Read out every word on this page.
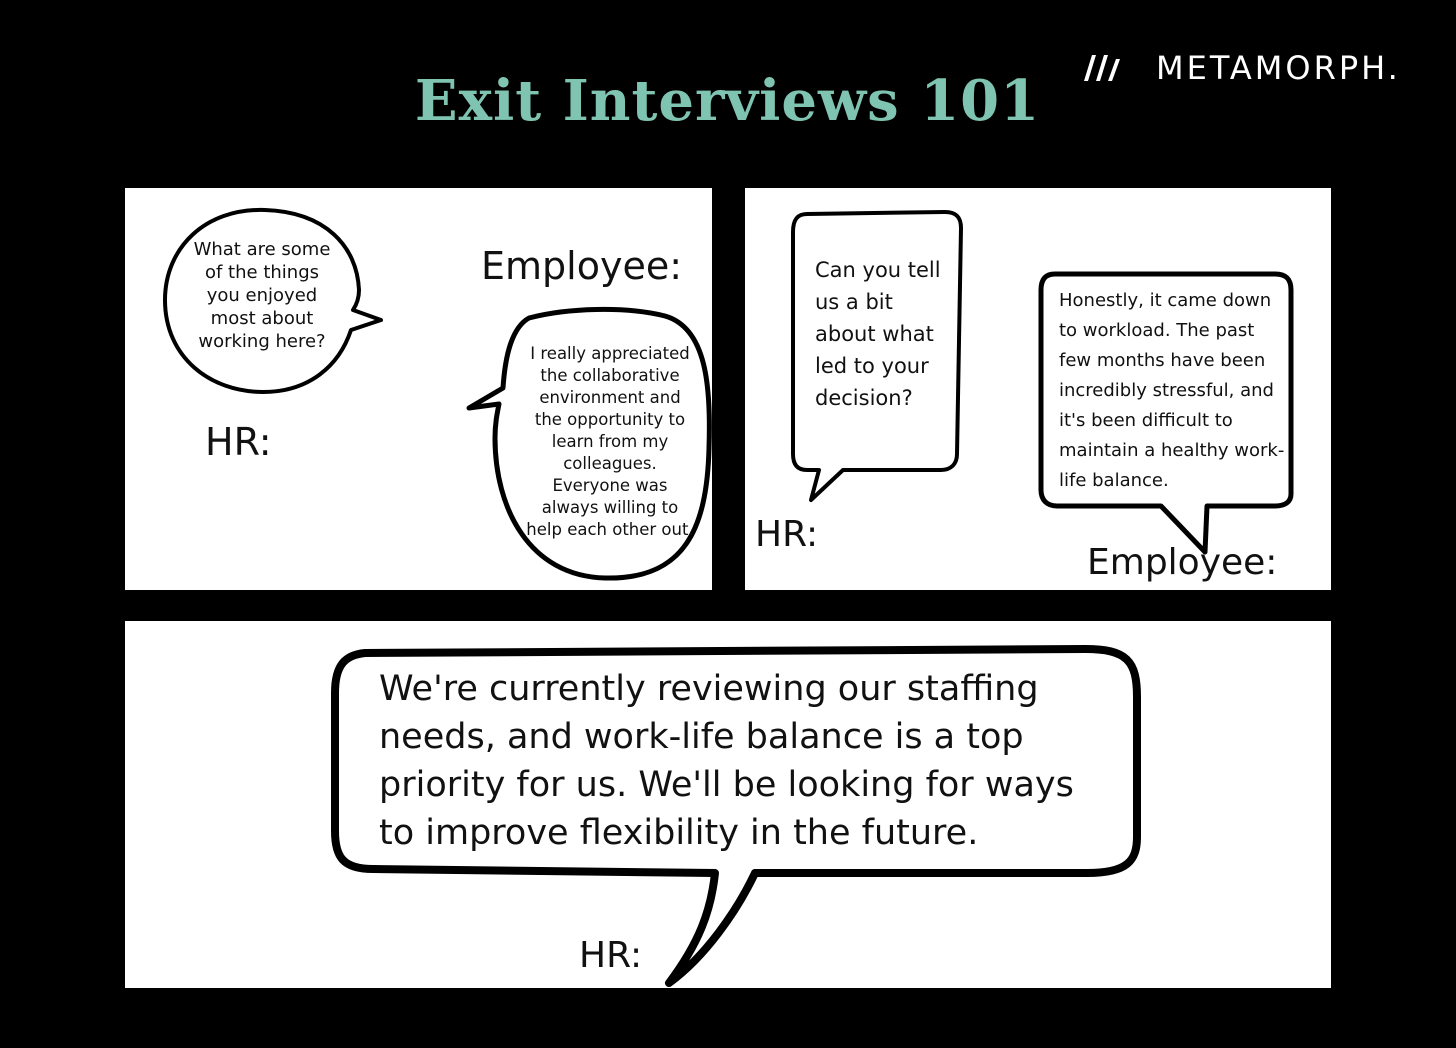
Exit Interviews 101	METAMORPH.
What are some of the things you enjoyed most about working here?
I really appreciated the collaborative environment and the opportunity to learn from my colleagues. Everyone was always willing to help each other out.
HR:
Employee:	Can you tell us a bit about what led to your decision?
Honestly, it came down to workload. The past few months have been incredibly stressful, and it's been difficult to maintain a healthy work-life balance.
HR:
Employee:
We're currently reviewing our staffing needs, and work-life balance is a top priority for us. We'll be looking for ways to improve flexibility in the future.
HR:
